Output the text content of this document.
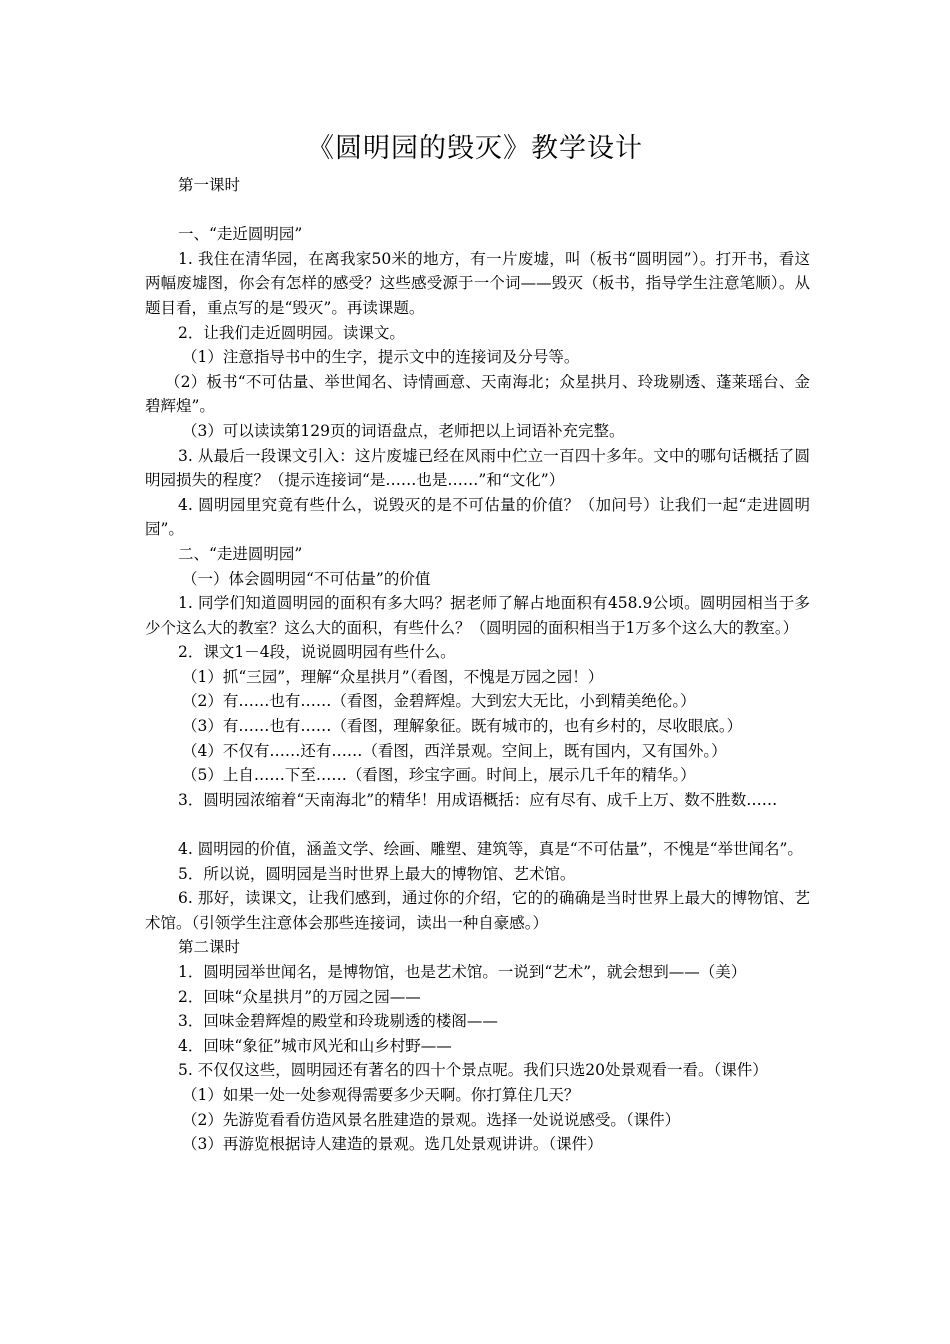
《圆明园的毁灭》教学设计

第一课时

一、“走近圆明园”

1. 我住在清华园，在离我家50米的地方，有一片废墟，叫（板书“圆明园”）。打开书，看这两幅废墟图，你会有怎样的感受？这些感受源于一个词——毁灭（板书，指导学生注意笔顺）。从题目看，重点写的是“毁灭”。再读课题。

2．让我们走近圆明园。读课文。

（1）注意指导书中的生字，提示文中的连接词及分号等。

（2）板书“不可估量、举世闻名、诗情画意、天南海北；众星拱月、玲珑剔透、蓬莱瑶台、金碧辉煌”。

（3）可以读读第129页的词语盘点，老师把以上词语补充完整。

3. 从最后一段课文引入：这片废墟已经在风雨中伫立一百四十多年。文中的哪句话概括了圆明园损失的程度？（提示连接词“是……也是……”和“文化”）

4. 圆明园里究竟有些什么，说毁灭的是不可估量的价值？（加问号）让我们一起“走进圆明园”。

二、“走进圆明园”

（一）体会圆明园“不可估量”的价值

1. 同学们知道圆明园的面积有多大吗？据老师了解占地面积有458.9公顷。圆明园相当于多少个这么大的教室？这么大的面积，有些什么？（圆明园的面积相当于1万多个这么大的教室。）

2．课文1－4段，说说圆明园有些什么。

（1）抓“三园”，理解“众星拱月”（看图，不愧是万园之园！）

（2）有……也有……（看图，金碧辉煌。大到宏大无比，小到精美绝伦。）

（3）有……也有……（看图，理解象征。既有城市的，也有乡村的，尽收眼底。）

（4）不仅有……还有……（看图，西洋景观。空间上，既有国内，又有国外。）

（5）上自……下至……（看图，珍宝字画。时间上，展示几千年的精华。）

3．圆明园浓缩着“天南海北”的精华！用成语概括：应有尽有、成千上万、数不胜数……

4. 圆明园的价值，涵盖文学、绘画、雕塑、建筑等，真是“不可估量”，不愧是“举世闻名”。

5．所以说，圆明园是当时世界上最大的博物馆、艺术馆。

6. 那好，读课文，让我们感到，通过你的介绍，它的的确确是当时世界上最大的博物馆、艺术馆。（引领学生注意体会那些连接词，读出一种自豪感。）

第二课时

1．圆明园举世闻名，是博物馆，也是艺术馆。一说到“艺术”，就会想到——（美）

2．回味“众星拱月”的万园之园——

3．回味金碧辉煌的殿堂和玲珑剔透的楼阁——

4．回味“象征”城市风光和山乡村野——

5. 不仅仅这些，圆明园还有著名的四十个景点呢。我们只选20处景观看一看。（课件）

（1）如果一处一处参观得需要多少天啊。你打算住几天？

（2）先游览看看仿造风景名胜建造的景观。选择一处说说感受。（课件）

（3）再游览根据诗人建造的景观。选几处景观讲讲。（课件）
